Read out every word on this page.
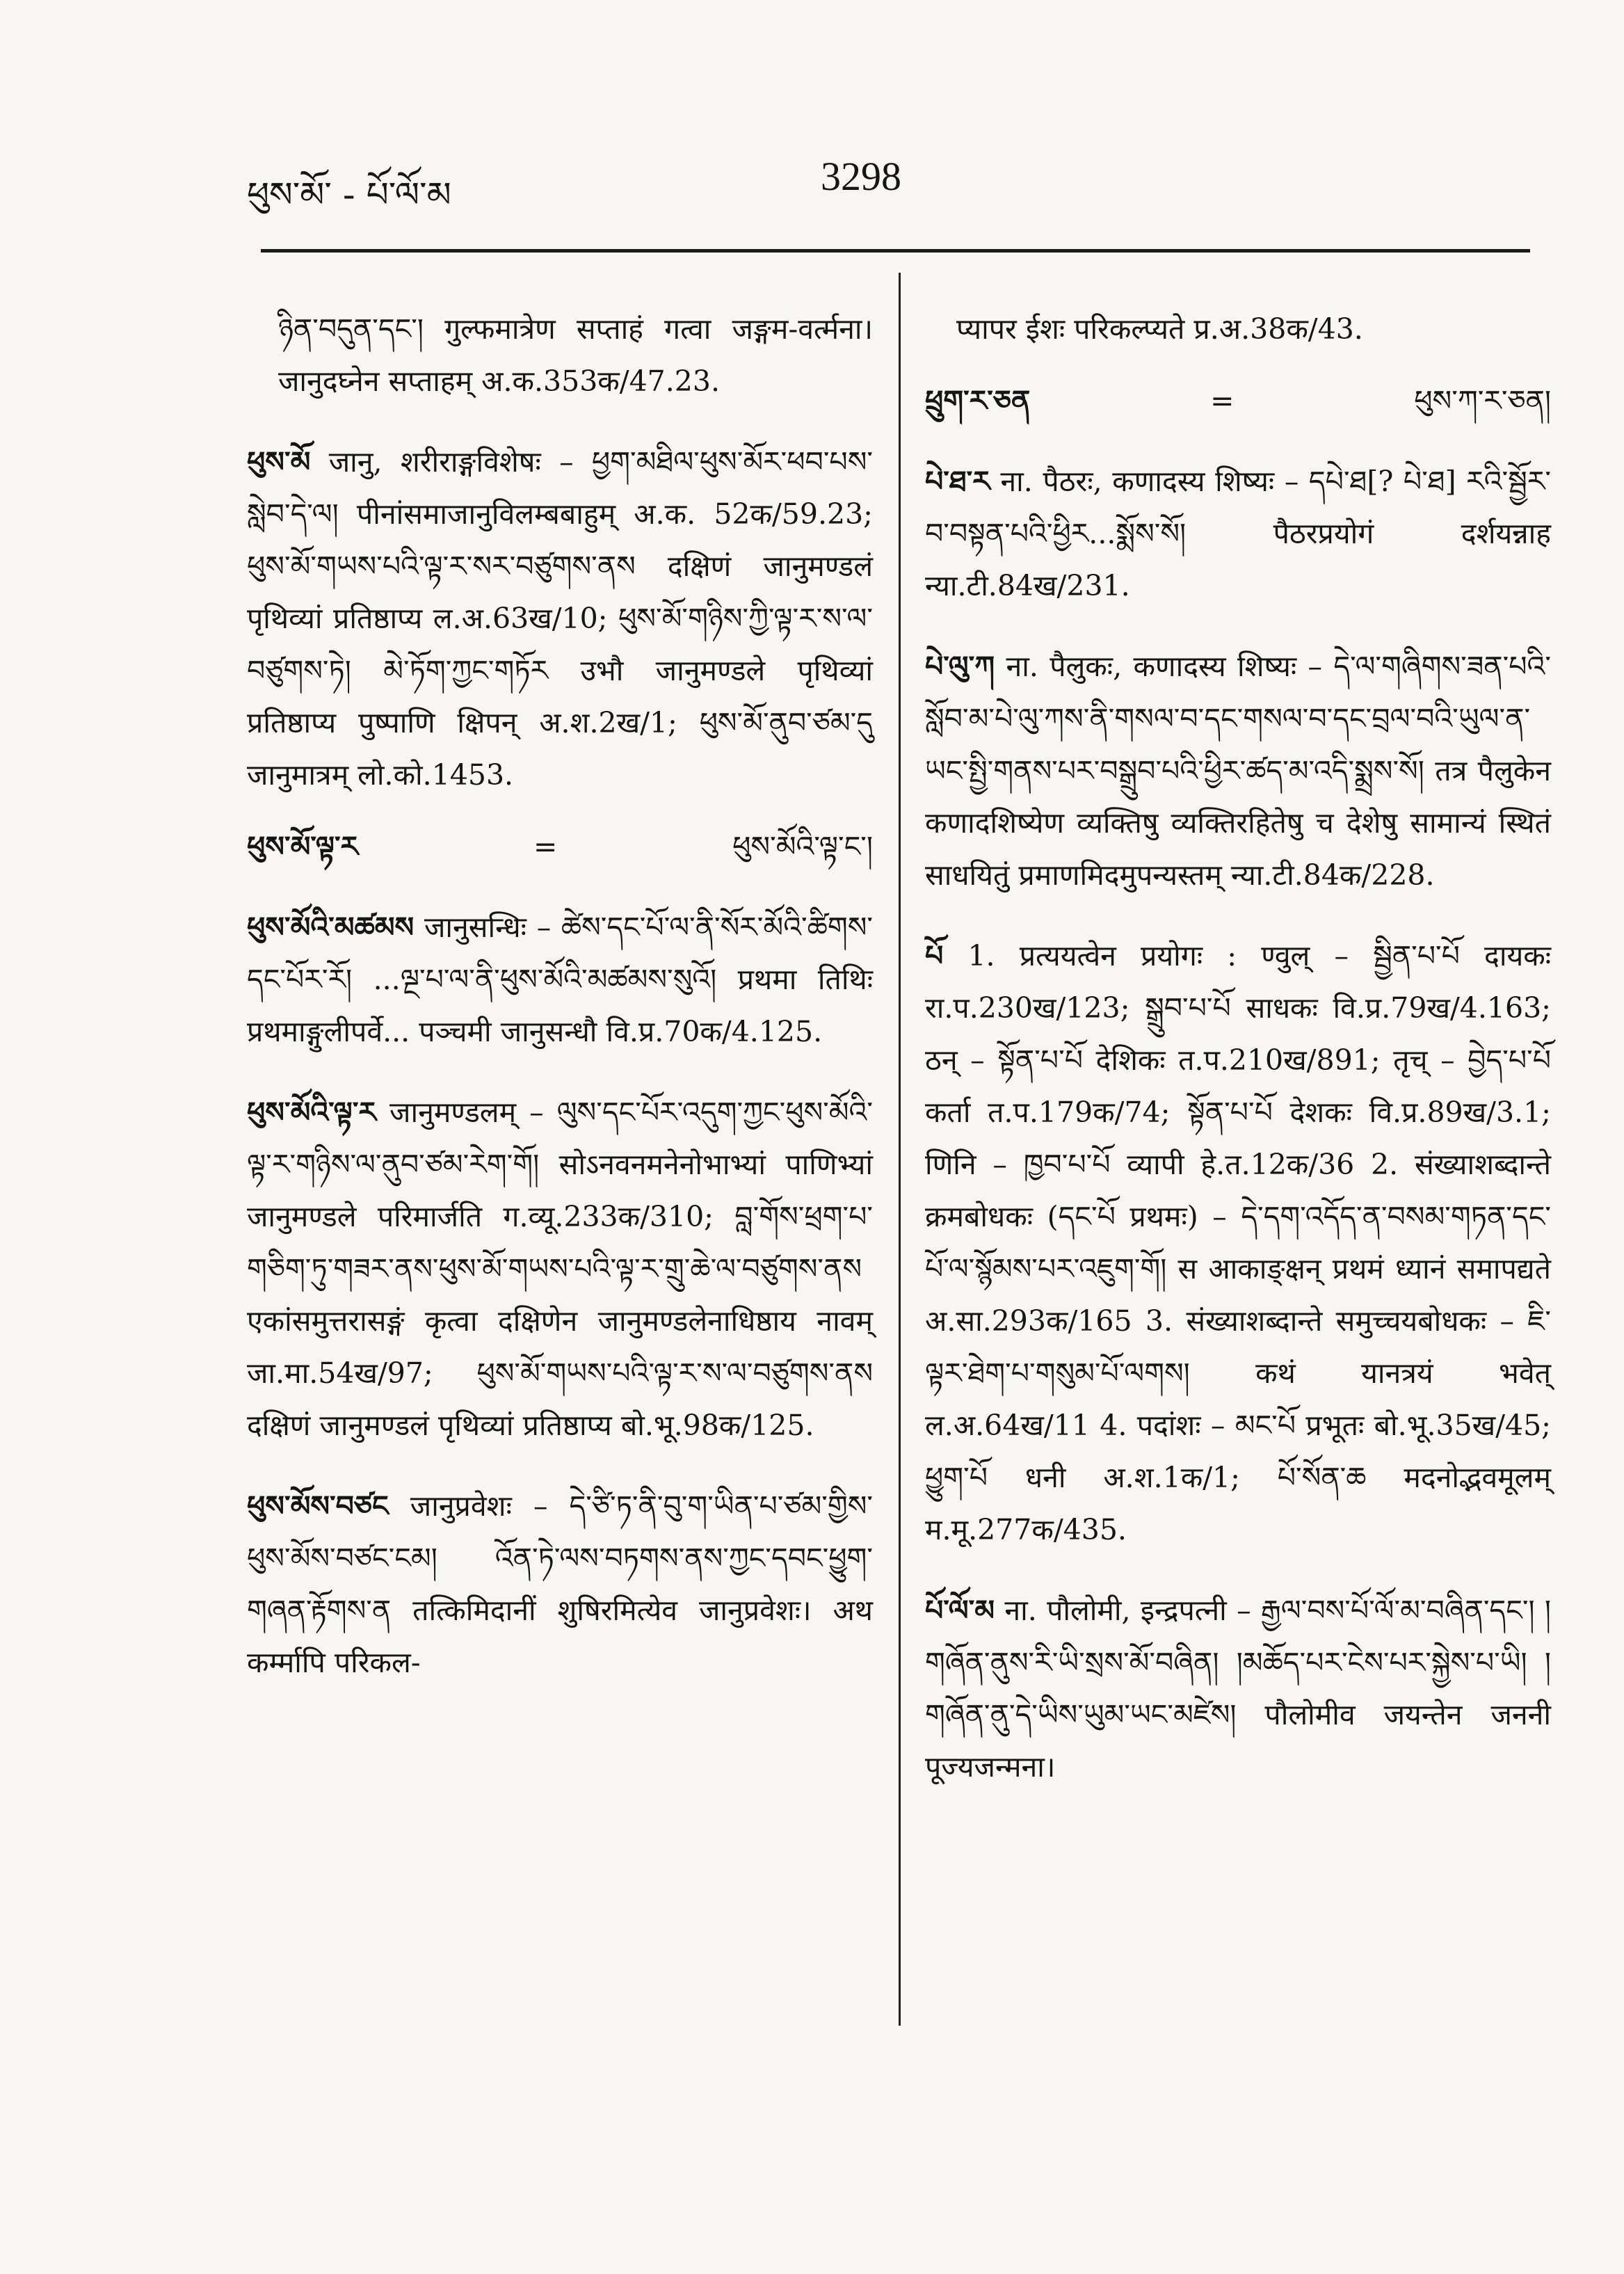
ཕུས་མོ་ - པོ་ལོ་མ	3298

ཉིན་བདུན་དང་། गुल्फमात्रेण सप्ताहं गत्वा जङ्गम-वर्त्मना। जानुदघ्नेन सप्ताहम् अ.क.353क/47.23.

ཕུས་མོ जानु, शरीराङ्गविशेषः – ཕྱག་མཐིལ་ཕུས་མོར་ཕབ་པས་སླེབ་དེ་ལ། पीनांसमाजानुविलम्बबाहुम् अ.क. 52क/59.23; ཕུས་མོ་གཡས་པའི་ལྟ་ར་སར་བཙུགས་ནས दक्षिणं जानुमण्डलं पृथिव्यां प्रतिष्ठाप्य ल.अ.63ख/10; ཕུས་མོ་གཉིས་ཀྱི་ལྟ་ར་ས་ལ་བཙུགས་ཏེ། མེ་ཏོག་ཀྱང་གཏོར उभौ जानुमण्डले पृथिव्यां प्रतिष्ठाप्य पुष्पाणि क्षिपन् अ.श.2ख/1; ཕུས་མོ་ནུབ་ཙམ་དུ जानुमात्रम् लो.को.1453.

ཕུས་མོ་ལྟ་ར	=	ཕུས་མོའི་ལྟ་ང་།

ཕུས་མོའི་མཚམས जानुसन्धिः – ཚེས་དང་པོ་ལ་ནི་སོར་མོའི་ཚིགས་དང་པོར་རོ། ...ལྔ་པ་ལ་ནི་ཕུས་མོའི་མཚམས་སུའོ། प्रथमा तिथिः प्रथमाङ्गुलीपर्वे... पञ्चमी जानुसन्धौ वि.प्र.70क/4.125.

ཕུས་མོའི་ལྟ་ར जानुमण्डलम् – ལུས་དང་པོར་འདུག་ཀྱང་ཕུས་མོའི་ལྟ་ར་གཉིས་ལ་ནུབ་ཙམ་རེག་གོ། सोऽनवनमनेनोभाभ्यां पाणिभ्यां जानुमण्डले परिमार्जति ग.व्यू.233क/310; བླ་གོས་ཕྲག་པ་གཅིག་ཏུ་གཟར་ནས་ཕུས་མོ་གཡས་པའི་ལྟ་ར་གྲུ་ཆེ་ལ་བཙུགས་ནས एकांसमुत्तरासङ्गं कृत्वा दक्षिणेन जानुमण्डलेनाधिष्ठाय नावम् जा.मा.54ख/97; ཕུས་མོ་གཡས་པའི་ལྟ་ར་ས་ལ་བཙུགས་ནས दक्षिणं जानुमण्डलं पृथिव्यां प्रतिष्ठाप्य बो.भू.98क/125.

ཕུས་མོས་བཙང जानुप्रवेशः – དེ་ཙི་ཏ་ནི་བུ་ག་ཡིན་པ་ཙམ་གྱིས་ཕུས་མོས་བཙང་ངམ། འོན་ཏེ་ལས་བཏགས་ནས་ཀྱང་དབང་ཕྱུག་གཞན་རྟོགས་ན तत्किमिदानीं शुषिरमित्येव जानुप्रवेशः। अथ कर्म्मापि परिकल-

प्यापर ईशः परिकल्प्यते प्र.अ.38क/43.

ཕྲུག་ར་ཅན	=	ཕུས་ཀ་ར་ཅན།

པེ་ཐ་ར ना. पैठरः, कणादस्य शिष्यः – དཔེ་ཐ[? པེ་ཐ] རའི་སྦྱོར་བ་བསྟན་པའི་ཕྱིར...སྨོས་སོ། पैठरप्रयोगं दर्शयन्नाह न्या.टी.84ख/231.

པེ་ལུ་ཀ ना. पैलुकः, कणादस्य शिष्यः – དེ་ལ་གཞིགས་ཟན་པའི་སློབ་མ་པེ་ལུ་ཀས་ནི་གསལ་བ་དང་གསལ་བ་དང་བྲལ་བའི་ཡུལ་ན་ཡང་སྤྱི་གནས་པར་བསྒྲུབ་པའི་ཕྱིར་ཚད་མ་འདི་སྨྲས་སོ། तत्र पैलुकेन कणादशिष्येण व्यक्तिषु व्यक्तिरहितेषु च देशेषु सामान्यं स्थितं साधयितुं प्रमाणमिदमुपन्यस्तम् न्या.टी.84क/228.

པོ 1. प्रत्ययत्वेन प्रयोगः : ण्वुल् – སྦྱིན་པ་པོ दायकः रा.प.230ख/123; སྒྲུབ་པ་པོ साधकः वि.प्र.79ख/4.163; ठन् – སྟོན་པ་པོ देशिकः त.प.210ख/891; तृच् – བྱེད་པ་པོ कर्ता त.प.179क/74; སྟོན་པ་པོ देशकः वि.प्र.89ख/3.1; णिनि – ཁྱབ་པ་པོ व्यापी हे.त.12क/36 2. संख्याशब्दान्ते क्रमबोधकः (དང་པོ प्रथमः) – དེ་དག་འདོད་ན་བསམ་གཏན་དང་པོ་ལ་སྙོམས་པར་འཇུག་གོ། स आकाङ्क्षन् प्रथमं ध्यानं समापद्यते अ.सा.293क/165 3. संख्याशब्दान्ते समुच्चयबोधकः – ཇི་ལྟར་ཐེག་པ་གསུམ་པོ་ལགས། कथं यानत्रयं भवेत् ल.अ.64ख/11 4. पदांशः – མང་པོ प्रभूतः बो.भू.35ख/45; ཕྱུག་པོ धनी अ.श.1क/1; པོ་སོན་ཆ मदनोद्भवमूलम् म.मू.277क/435.

པོ་ལོ་མ ना. पौलोमी, इन्द्रपत्नी – རྒྱལ་བས་པོ་ལོ་མ་བཞིན་དང་། །གཞོན་ནུས་རི་ཡི་སྲས་མོ་བཞིན། །མཆོད་པར་ངེས་པར་སྐྱེས་པ་ཡི། །གཞོན་ནུ་དེ་ཡིས་ཡུམ་ཡང་མཛེས། पौलोमीव जयन्तेन जननी पूज्यजन्मना।
